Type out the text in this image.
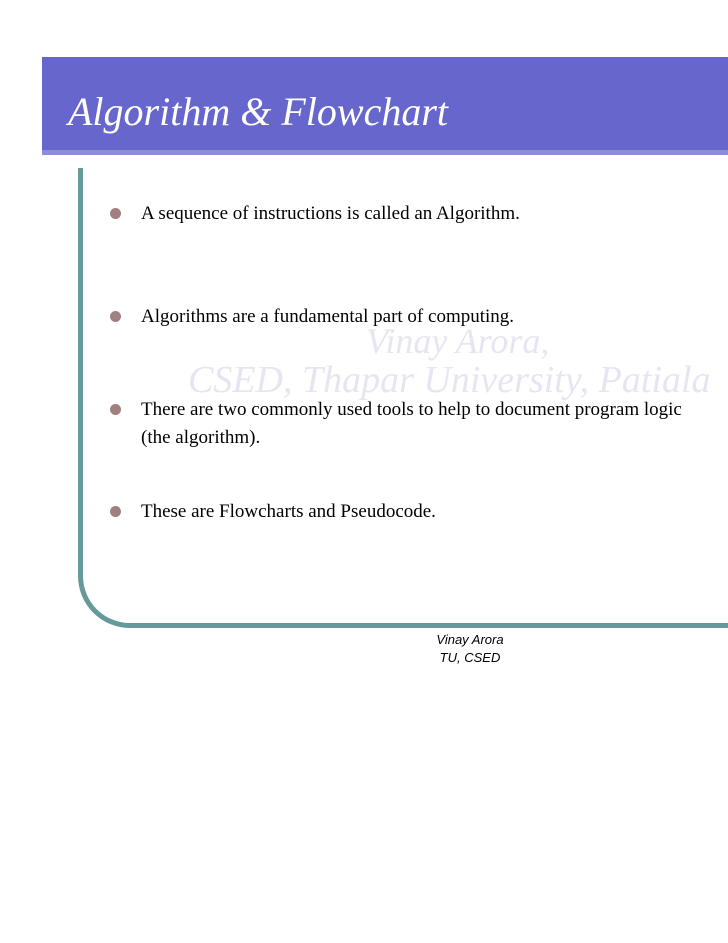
Algorithm & Flowchart
Vinay Arora,
CSED, Thapar University, Patiala
A sequence of instructions is called an Algorithm.
Algorithms are a fundamental part of computing.
There are two commonly used tools to help to document program logic
(the algorithm).
These are Flowcharts and Pseudocode.
Vinay Arora
TU, CSED
